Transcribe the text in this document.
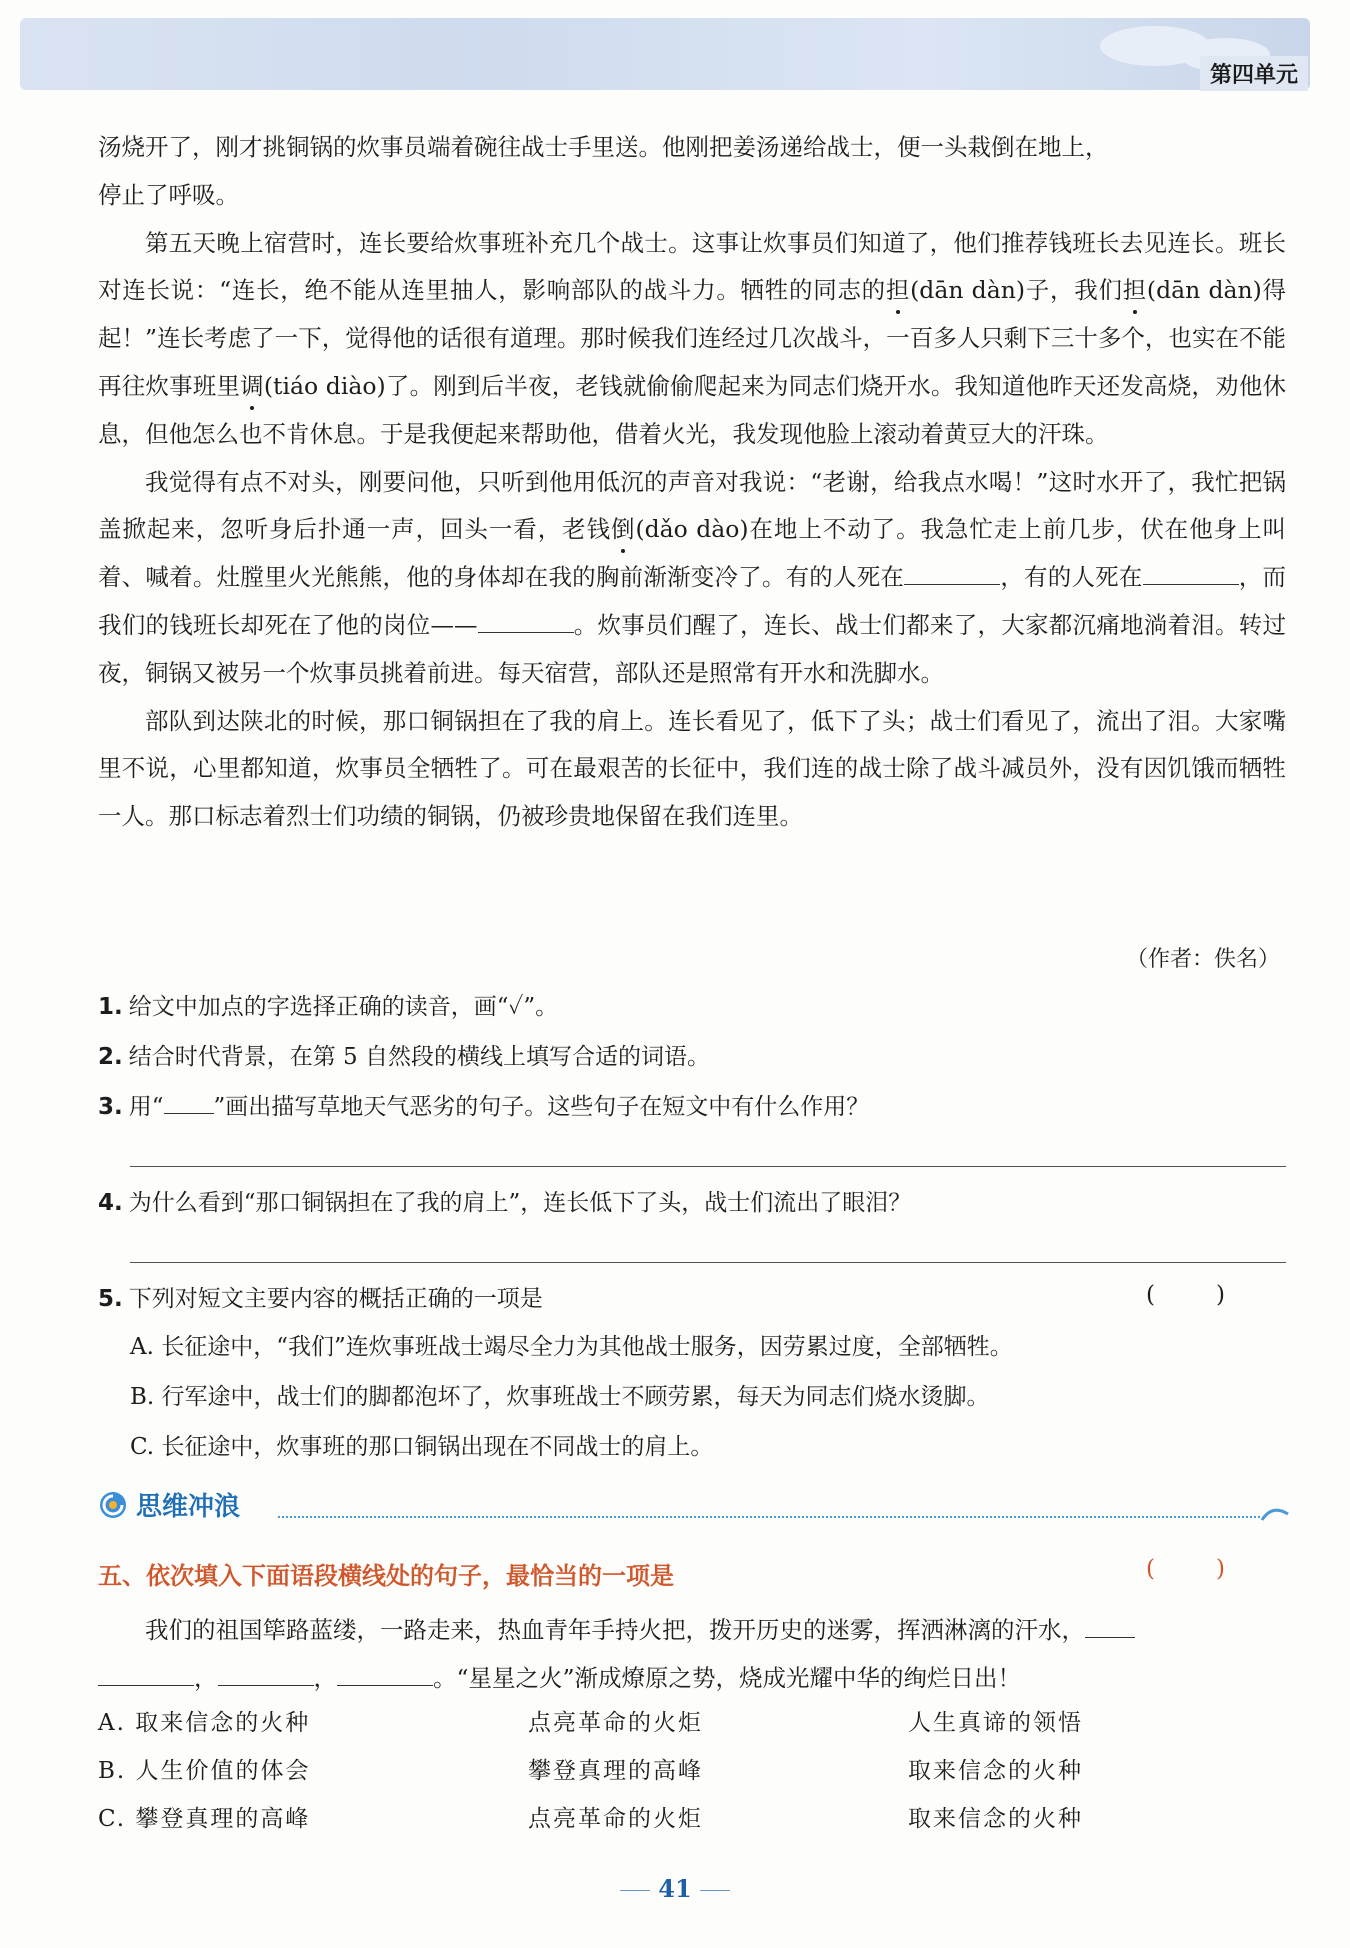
第四单元

汤烧开了，刚才挑铜锅的炊事员端着碗往战士手里送。他刚把姜汤递给战士，便一头栽倒在地上，
停止了呼吸。

第五天晚上宿营时，连长要给炊事班补充几个战士。这事让炊事员们知道了，他们推荐钱班长去见连长。班长对连长说：“连长，绝不能从连里抽人，影响部队的战斗力。牺牲的同志的担(dān dàn)子，我们担(dān dàn)得起！”连长考虑了一下，觉得他的话很有道理。那时候我们连经过几次战斗，一百多人只剩下三十多个，也实在不能再往炊事班里调(tiáo diào)了。刚到后半夜，老钱就偷偷爬起来为同志们烧开水。我知道他昨天还发高烧，劝他休息，但他怎么也不肯休息。于是我便起来帮助他，借着火光，我发现他脸上滚动着黄豆大的汗珠。

我觉得有点不对头，刚要问他，只听到他用低沉的声音对我说：“老谢，给我点水喝！”这时水开了，我忙把锅盖掀起来，忽听身后扑通一声，回头一看，老钱倒(dǎo dào)在地上不动了。我急忙走上前几步，伏在他身上叫着、喊着。灶膛里火光熊熊，他的身体却在我的胸前渐渐变冷了。有的人死在	，有的人死在	，而我们的钱班长却死在了他的岗位——	。炊事员们醒了，连长、战士们都来了，大家都沉痛地淌着泪。转过夜，铜锅又被另一个炊事员挑着前进。每天宿营，部队还是照常有开水和洗脚水。

部队到达陕北的时候，那口铜锅担在了我的肩上。连长看见了，低下了头；战士们看见了，流出了泪。大家嘴里不说，心里都知道，炊事员全牺牲了。可在最艰苦的长征中，我们连的战士除了战斗减员外，没有因饥饿而牺牲一人。那口标志着烈士们功绩的铜锅，仍被珍贵地保留在我们连里。

（作者：佚名）
1. 给文中加点的字选择正确的读音，画“✓”。
2. 结合时代背景，在第 5 自然段的横线上填写合适的词语。
3. 用“ ”画出描写草地天气恶劣的句子。这些句子在短文中有什么作用？
4. 为什么看到“那口铜锅担在了我的肩上”，连长低下了头，战士们流出了眼泪？
5. 下列对短文主要内容的概括正确的一项是	(	)
A. 长征途中，“我们”连炊事班战士竭尽全力为其他战士服务，因劳累过度，全部牺牲。
B. 行军途中，战士们的脚都泡坏了，炊事班战士不顾劳累，每天为同志们烧水烫脚。
C. 长征途中，炊事班的那口铜锅出现在不同战士的肩上。
思维冲浪
五、依次填入下面语段横线处的句子，最恰当的一项是	(	)

我们的祖国筚路蓝缕，一路走来，热血青年手持火把，拨开历史的迷雾，挥洒淋漓的汗水，
，	，	。“星星之火”渐成燎原之势，烧成光耀中华的绚烂日出！

A. 取来信念的火种	点亮革命的火炬	人生真谛的领悟
B. 人生价值的体会	攀登真理的高峰	取来信念的火种
C. 攀登真理的高峰	点亮革命的火炬	取来信念的火种
41
